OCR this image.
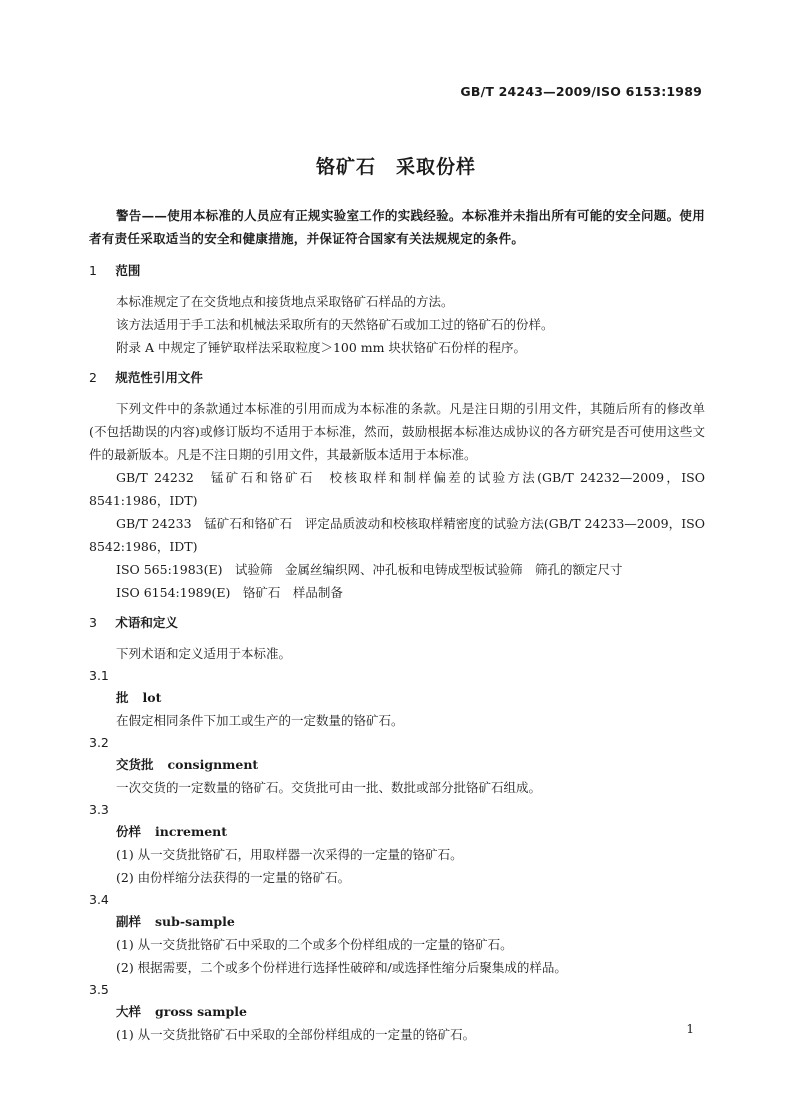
GB/T 24243—2009/ISO 6153:1989
铬矿石　采取份样

警告——使用本标准的人员应有正规实验室工作的实践经验。本标准并未指出所有可能的安全问题。使用者有责任采取适当的安全和健康措施，并保证符合国家有关法规规定的条件。

1 范围

本标准规定了在交货地点和接货地点采取铬矿石样品的方法。

该方法适用于手工法和机械法采取所有的天然铬矿石或加工过的铬矿石的份样。

附录 A 中规定了锤铲取样法采取粒度＞100 mm 块状铬矿石份样的程序。

2 规范性引用文件

下列文件中的条款通过本标准的引用而成为本标准的条款。凡是注日期的引用文件，其随后所有的修改单(不包括勘误的内容)或修订版均不适用于本标准，然而，鼓励根据本标准达成协议的各方研究是否可使用这些文件的最新版本。凡是不注日期的引用文件，其最新版本适用于本标准。

GB/T 24232　锰矿石和铬矿石　校核取样和制样偏差的试验方法(GB/T 24232—2009，ISO 8541:1986，IDT)

GB/T 24233　锰矿石和铬矿石　评定品质波动和校核取样精密度的试验方法(GB/T 24233—2009，ISO 8542:1986，IDT)

ISO 565:1983(E)　试验筛　金属丝编织网、冲孔板和电铸成型板试验筛　筛孔的额定尺寸

ISO 6154:1989(E)　铬矿石　样品制备

3 术语和定义

下列术语和定义适用于本标准。

3.1

批 lot

在假定相同条件下加工或生产的一定数量的铬矿石。

3.2

交货批 consignment

一次交货的一定数量的铬矿石。交货批可由一批、数批或部分批铬矿石组成。

3.3

份样 increment

(1) 从一交货批铬矿石，用取样器一次采得的一定量的铬矿石。

(2) 由份样缩分法获得的一定量的铬矿石。

3.4

副样 sub-sample

(1) 从一交货批铬矿石中采取的二个或多个份样组成的一定量的铬矿石。

(2) 根据需要，二个或多个份样进行选择性破碎和/或选择性缩分后聚集成的样品。

3.5

大样 gross sample

(1) 从一交货批铬矿石中采取的全部份样组成的一定量的铬矿石。	1
